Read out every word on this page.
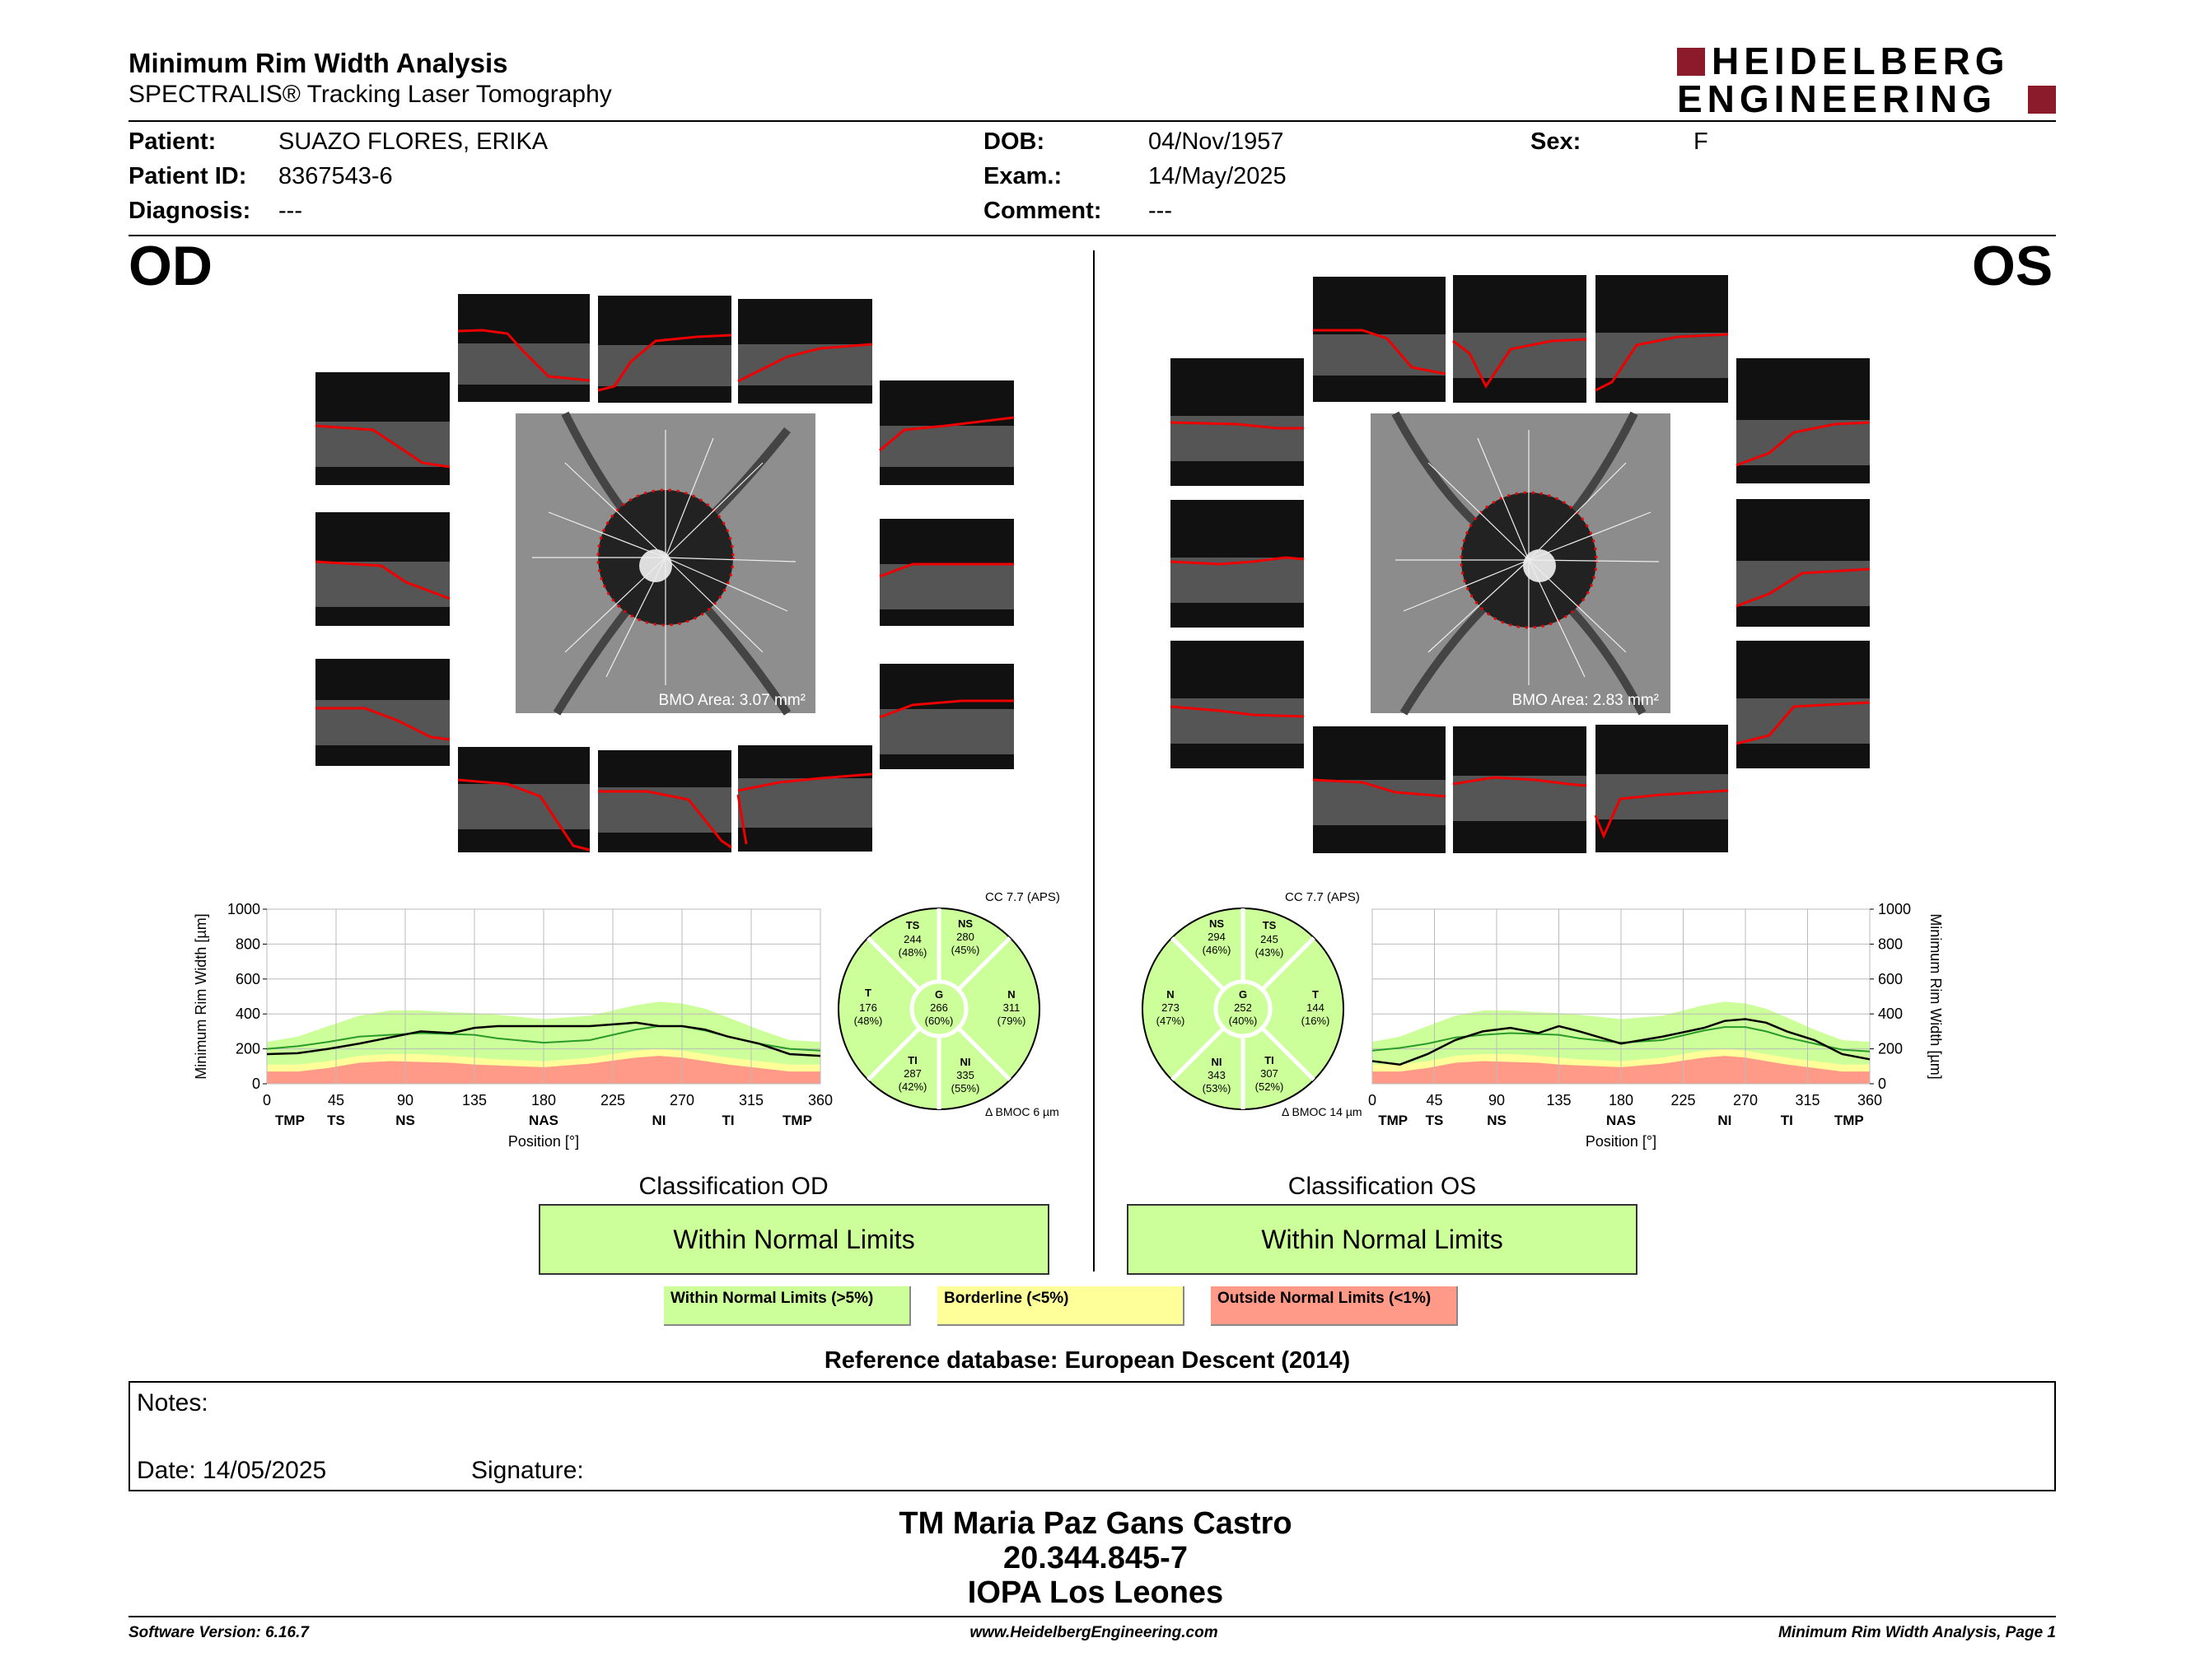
Minimum Rim Width Analysis
SPECTRALIS® Tracking Laser Tomography
HEIDELBERG
ENGINEERING
Patient:	SUAZO FLORES, ERIKA
Patient ID: 8367543-6
Diagnosis: ---
DOB:	04/Nov/1957
Exam.:	14/May/2025
Comment: ---
Sex:	F
OD	OS
BMO Area: 3.07 mm²	BMO Area: 2.83 mm²
0
200
400
600
800
1000
0	45	90	135	180	225	270	315	360
TMP TS	NS	NAS	NI	TI	TMP
Position [°]
Minimum Rim Width [µm]
CC 7.7 (APS)
TS
244
(48%)
NS
280
(45%)
T
176
(48%)
G
266
(60%)
N
311
(79%)
TI
287
(42%)
NI
335
(55%)
Δ BMOC 6 µm
0
200
400
600
800
1000
0	45	90	135	180	225	270	315	360
TMP TS	NS	NAS	NI	TI	TMP
Position [°]
Minimum Rim Width [µm]
CC 7.7 (APS)
NS
294
(46%)
TS
245
(43%)
N
273
(47%)
G
252
(40%)
T
144
(16%)
NI
343
(53%)
TI
307
(52%)
Δ BMOC 14 µm
Classification OD
Within Normal Limits
Classification OS
Within Normal Limits
Within Normal Limits (>5%)	Borderline (<5%)	Outside Normal Limits (<1%)
Reference database: European Descent (2014)
Notes:
Date: 14/05/2025	Signature:
TM Maria Paz Gans Castro
20.344.845-7
IOPA Los Leones
Software Version: 6.16.7	www.HeidelbergEngineering.com	Minimum Rim Width Analysis, Page 1
